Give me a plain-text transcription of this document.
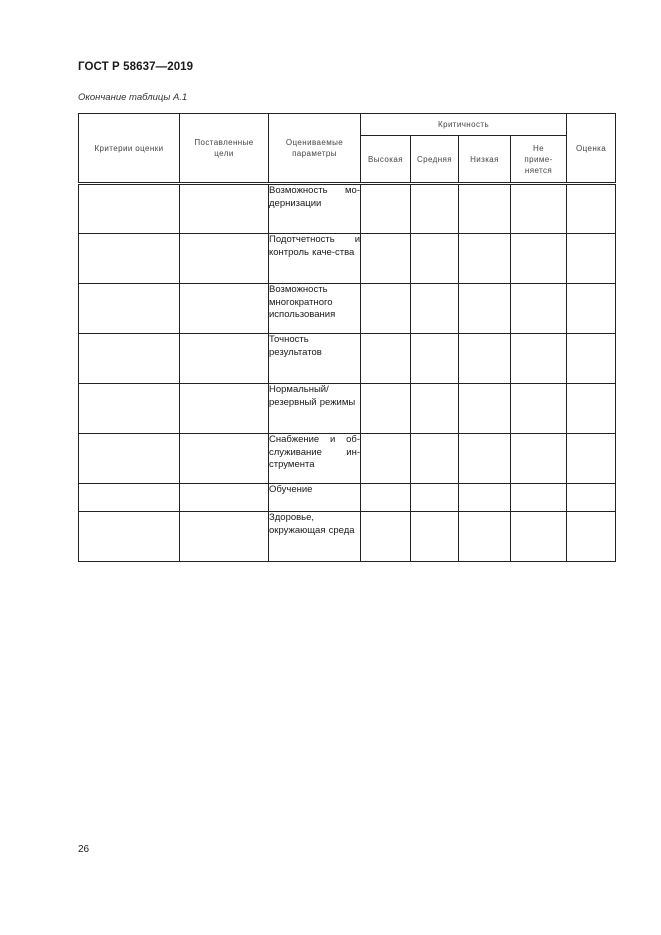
ГОСТ Р 58637—2019
Окончание таблицы А.1
Критерии оценки	Поставленные цели	Оцениваемые параметры	Критичность				Оценка
			Высокая	Средняя	Низкая	Не приме-няется	
		Возможность мо-дернизации					
		Подотчетность и контроль каче-ства					
		Возможность многократного использования					
		Точность результатов					
		Нормальный/ резервный режимы					
		Снабжение и об-служивание ин-струмента					
		Обучение					
		Здоровье, окружающая среда					
26
